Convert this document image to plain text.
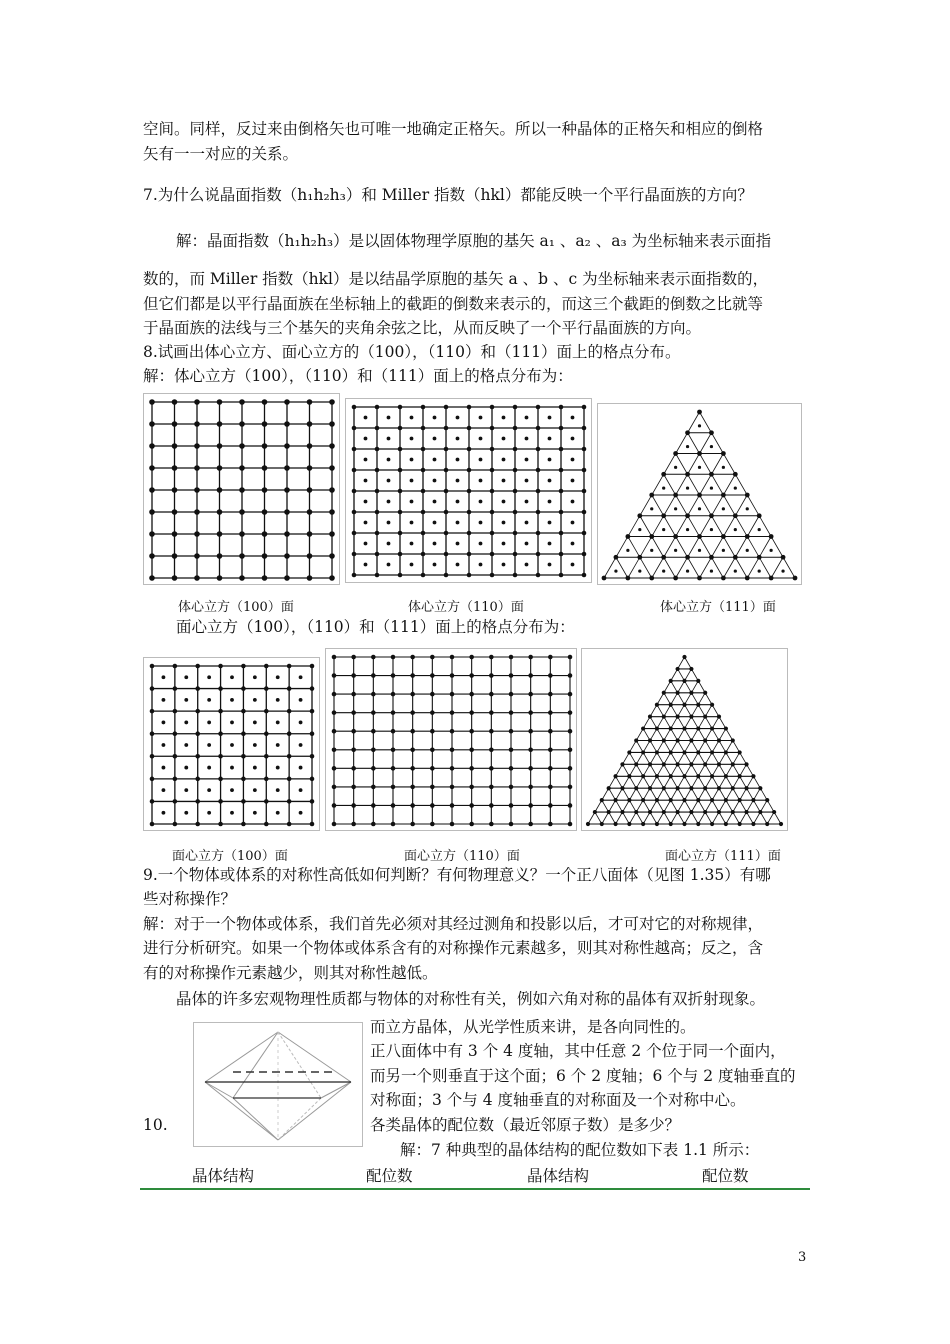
空间。同样，反过来由倒格矢也可唯一地确定正格矢。所以一种晶体的正格矢和相应的倒格
矢有一一对应的关系。
7.为什么说晶面指数（h₁h₂h₃）和 Miller 指数（hkl）都能反映一个平行晶面族的方向？
解：晶面指数（h₁h₂h₃）是以固体物理学原胞的基矢 a₁ 、a₂ 、a₃ 为坐标轴来表示面指
数的，而 Miller 指数（hkl）是以结晶学原胞的基矢 a 、b 、c 为坐标轴来表示面指数的，
但它们都是以平行晶面族在坐标轴上的截距的倒数来表示的，而这三个截距的倒数之比就等
于晶面族的法线与三个基矢的夹角余弦之比，从而反映了一个平行晶面族的方向。
8.试画出体心立方、面心立方的（100），（110）和（111）面上的格点分布。
解：体心立方（100），（110）和（111）面上的格点分布为：
体心立方（100）面	体心立方（110）面	体心立方（111）面
面心立方（100），（110）和（111）面上的格点分布为：
面心立方（100）面	面心立方（110）面	面心立方（111）面
9.一个物体或体系的对称性高低如何判断？有何物理意义？一个正八面体（见图 1.35）有哪
些对称操作？
解：对于一个物体或体系，我们首先必须对其经过测角和投影以后，才可对它的对称规律，
进行分析研究。如果一个物体或体系含有的对称操作元素越多，则其对称性越高；反之，含
有的对称操作元素越少，则其对称性越低。
晶体的许多宏观物理性质都与物体的对称性有关，例如六角对称的晶体有双折射现象。
而立方晶体，从光学性质来讲，是各向同性的。
正八面体中有 3 个 4 度轴，其中任意 2 个位于同一个面内，
而另一个则垂直于这个面；6 个 2 度轴；6 个与 2 度轴垂直的
对称面；3 个与 4 度轴垂直的对称面及一个对称中心。
10.	各类晶体的配位数（最近邻原子数）是多少？
解：7 种典型的晶体结构的配位数如下表 1.1 所示：
晶体结构	配位数	晶体结构	配位数
3
